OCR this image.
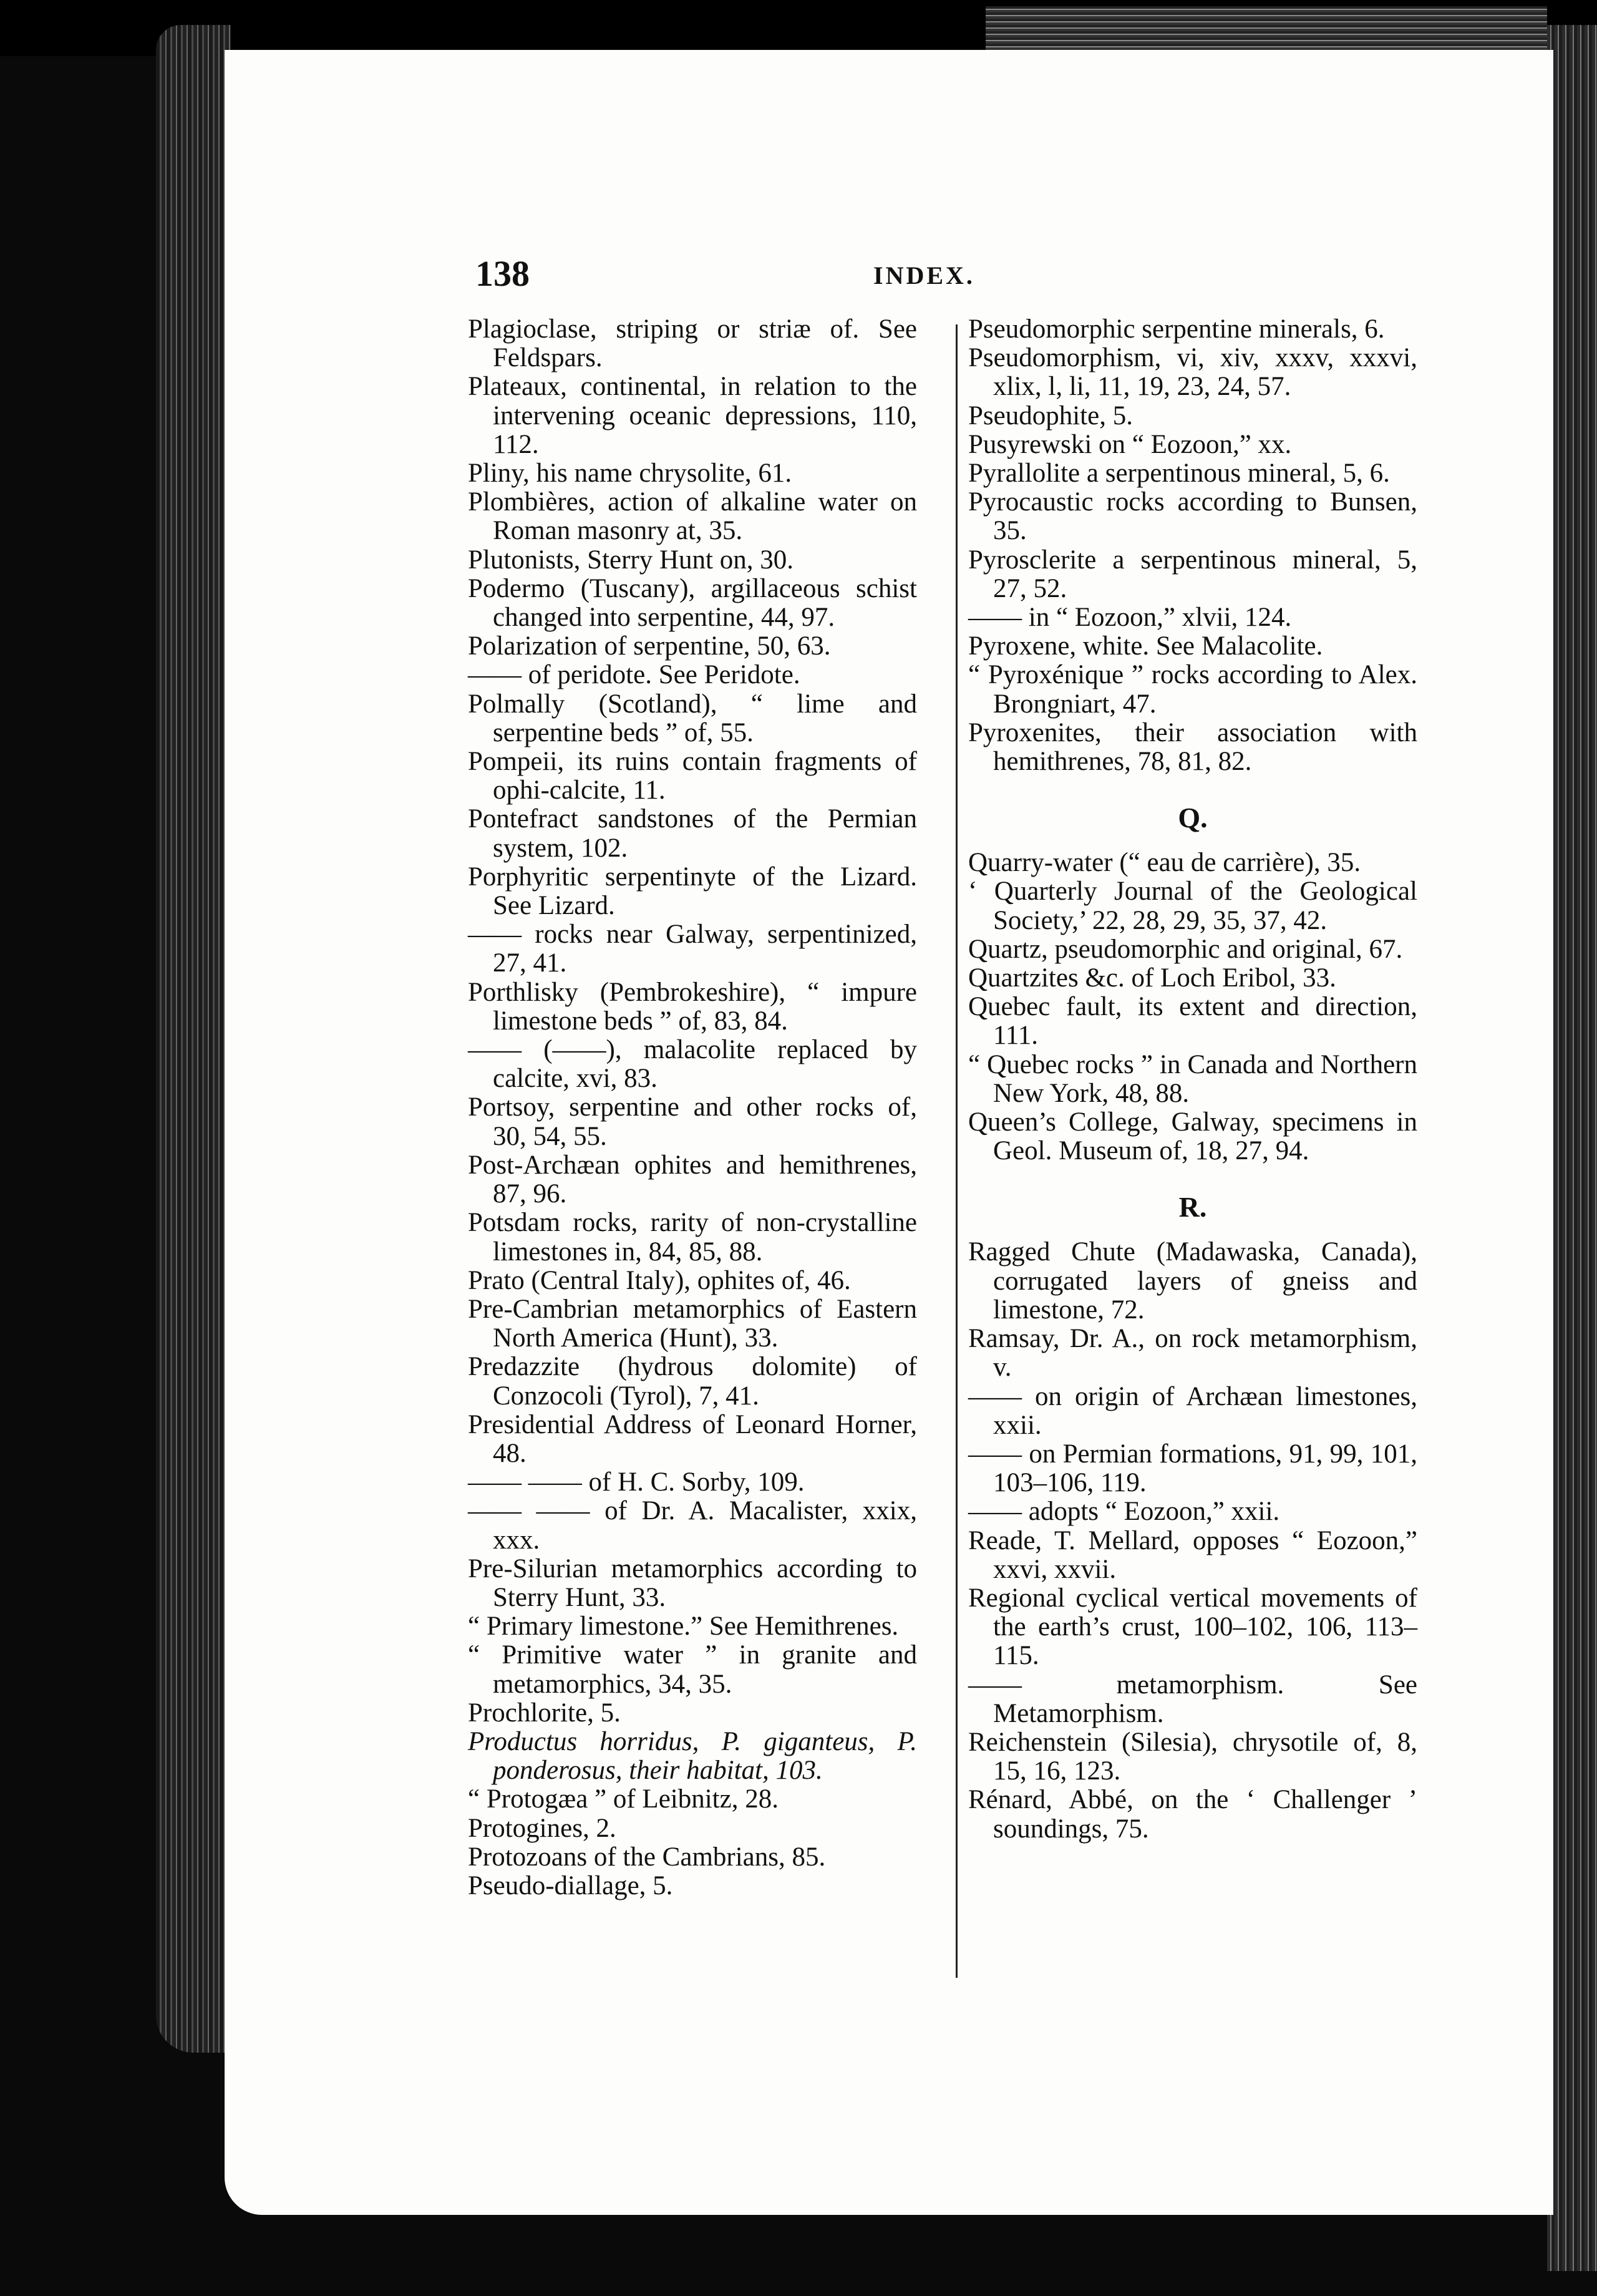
138	INDEX.
Plagioclase, striping or striæ of. See Feldspars.
Plateaux, continental, in relation to the intervening oceanic depressions, 110, 112.
Pliny, his name chrysolite, 61.
Plombières, action of alkaline water on Roman masonry at, 35.
Plutonists, Sterry Hunt on, 30.
Podermo (Tuscany), argillaceous schist changed into serpentine, 44, 97.
Polarization of serpentine, 50, 63.
—— of peridote. See Peridote.
Polmally (Scotland), “ lime and serpentine beds ” of, 55.
Pompeii, its ruins contain fragments of ophi-calcite, 11.
Pontefract sandstones of the Permian system, 102.
Porphyritic serpentinyte of the Lizard. See Lizard.
—— rocks near Galway, serpentinized, 27, 41.
Porthlisky (Pembrokeshire), “ impure limestone beds ” of, 83, 84.
—— (——), malacolite replaced by calcite, xvi, 83.
Portsoy, serpentine and other rocks of, 30, 54, 55.
Post-Archæan ophites and hemithrenes, 87, 96.
Potsdam rocks, rarity of non-crystalline limestones in, 84, 85, 88.
Prato (Central Italy), ophites of, 46.
Pre-Cambrian metamorphics of Eastern North America (Hunt), 33.
Predazzite (hydrous dolomite) of Conzocoli (Tyrol), 7, 41.
Presidential Address of Leonard Horner, 48.
—— —— of H. C. Sorby, 109.
—— —— of Dr. A. Macalister, xxix, xxx.
Pre-Silurian metamorphics according to Sterry Hunt, 33.
“ Primary limestone.” See Hemithrenes.
“ Primitive water ” in granite and metamorphics, 34, 35.
Prochlorite, 5.
Productus horridus, P. giganteus, P. ponderosus, their habitat, 103.
“ Protogæa ” of Leibnitz, 28.
Protogines, 2.
Protozoans of the Cambrians, 85.
Pseudo-diallage, 5.
Pseudomorphic serpentine minerals, 6.
Pseudomorphism, vi, xiv, xxxv, xxxvi, xlix, l, li, 11, 19, 23, 24, 57.
Pseudophite, 5.
Pusyrewski on “ Eozoon,” xx.
Pyrallolite a serpentinous mineral, 5, 6.
Pyrocaustic rocks according to Bunsen, 35.
Pyrosclerite a serpentinous mineral, 5, 27, 52.
—— in “ Eozoon,” xlvii, 124.
Pyroxene, white. See Malacolite.
“ Pyroxénique ” rocks according to Alex. Brongniart, 47.
Pyroxenites, their association with hemithrenes, 78, 81, 82.
Q.
Quarry-water (“ eau de carrière), 35.
‘ Quarterly Journal of the Geological Society,’ 22, 28, 29, 35, 37, 42.
Quartz, pseudomorphic and original, 67.
Quartzites &c. of Loch Eribol, 33.
Quebec fault, its extent and direction, 111.
“ Quebec rocks ” in Canada and Northern New York, 48, 88.
Queen’s College, Galway, specimens in Geol. Museum of, 18, 27, 94.
R.
Ragged Chute (Madawaska, Canada), corrugated layers of gneiss and limestone, 72.
Ramsay, Dr. A., on rock metamorphism, v.
—— on origin of Archæan limestones, xxii.
—— on Permian formations, 91, 99, 101, 103–106, 119.
—— adopts “ Eozoon,” xxii.
Reade, T. Mellard, opposes “ Eozoon,” xxvi, xxvii.
Regional cyclical vertical movements of the earth’s crust, 100–102, 106, 113–115.
—— metamorphism. See Metamorphism.
Reichenstein (Silesia), chrysotile of, 8, 15, 16, 123.
Rénard, Abbé, on the ‘ Challenger ’ soundings, 75.
